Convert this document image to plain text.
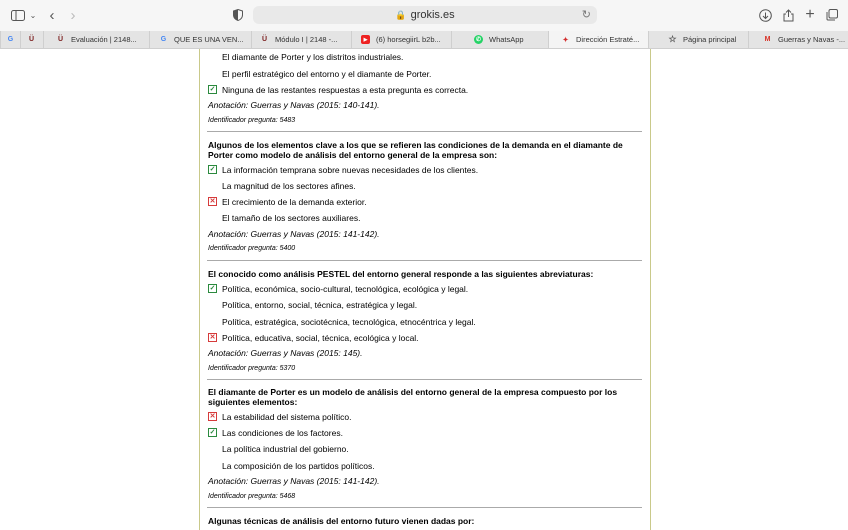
⌄ ‹	›	🔒 grokis.es	↻	+
G Ü	Ü Evaluación | 2148...	G QUE ES UNA VEN...	Ü Módulo I | 2148 -...	▶	(6) horsegiirL b2b...	✆ WhatsApp	✦ Dirección Estraté...	☆ Página principal	M Guerras y Navas -...
El diamante de Porter y los distritos industriales.
El perfil estratégico del entorno y el diamante de Porter.
✓ Ninguna de las restantes respuestas a esta pregunta es correcta.
Anotación: Guerras y Navas (2015: 140-141).
Identificador pregunta: 5483
Algunos de los elementos clave a los que se refieren las condiciones de la demanda en el diamante de Porter como modelo de análisis del entorno general de la empresa son:
✓ La información temprana sobre nuevas necesidades de los clientes.
La magnitud de los sectores afines.
✕ El crecimiento de la demanda exterior.
El tamaño de los sectores auxiliares.
Anotación: Guerras y Navas (2015: 141-142).
Identificador pregunta: 5400
El conocido como análisis PESTEL del entorno general responde a las siguientes abreviaturas:
✓ Política, económica, socio-cultural, tecnológica, ecológica y legal.
Política, entorno, social, técnica, estratégica y legal.
Política, estratégica, sociotécnica, tecnológica, etnocéntrica y legal.
✕ Política, educativa, social, técnica, ecológica y local.
Anotación: Guerras y Navas (2015: 145).
Identificador pregunta: 5370
El diamante de Porter es un modelo de análisis del entorno general de la empresa compuesto por los siguientes elementos:
✕ La estabilidad del sistema político.
✓ Las condiciones de los factores.
La política industrial del gobierno.
La composición de los partidos políticos.
Anotación: Guerras y Navas (2015: 141-142).
Identificador pregunta: 5468
Algunas técnicas de análisis del entorno futuro vienen dadas por:
